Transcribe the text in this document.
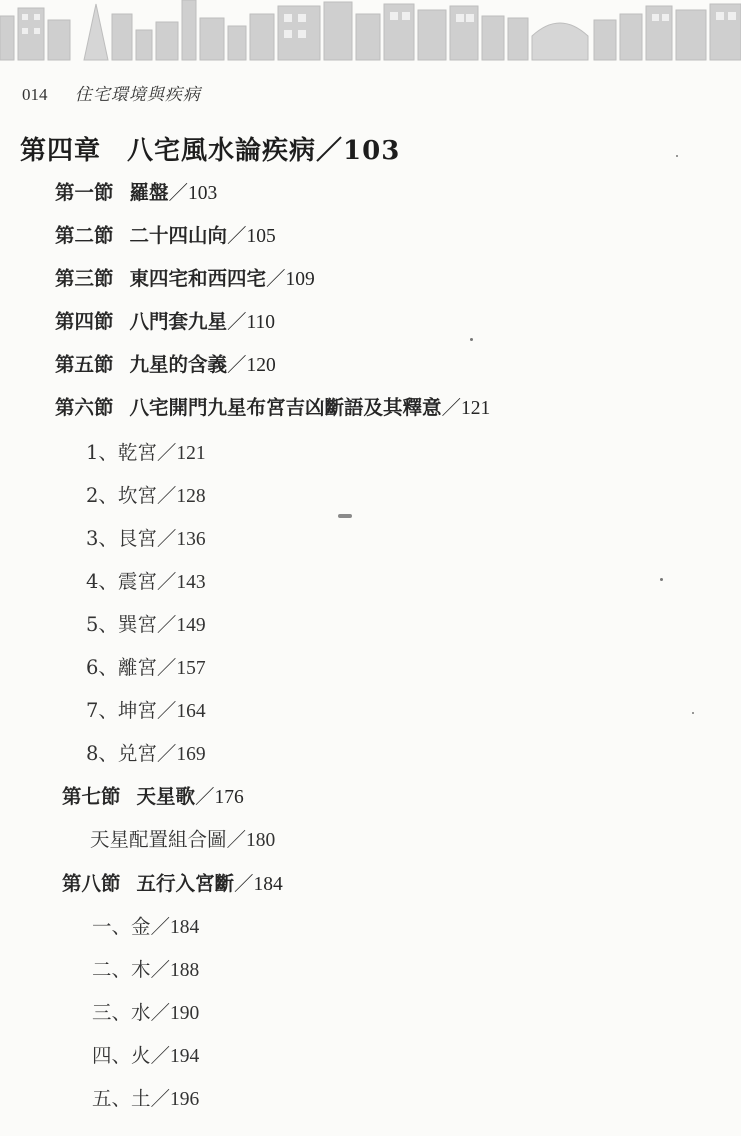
014 住宅環境與疾病
第四章 八宅風水論疾病／103
第一節 羅盤／103
第二節 二十四山向／105
第三節 東四宅和西四宅／109
第四節 八門套九星／110
第五節 九星的含義／120
第六節 八宅開門九星布宮吉凶斷語及其釋意／121
1、乾宮／121
2、坎宮／128
3、艮宮／136
4、震宮／143
5、巽宮／149
6、離宮／157
7、坤宮／164
8、兑宮／169
第七節 天星歌／176
天星配置組合圖／180
第八節 五行入宮斷／184
一、金／184
二、木／188
三、水／190
四、火／194
五、土／196
